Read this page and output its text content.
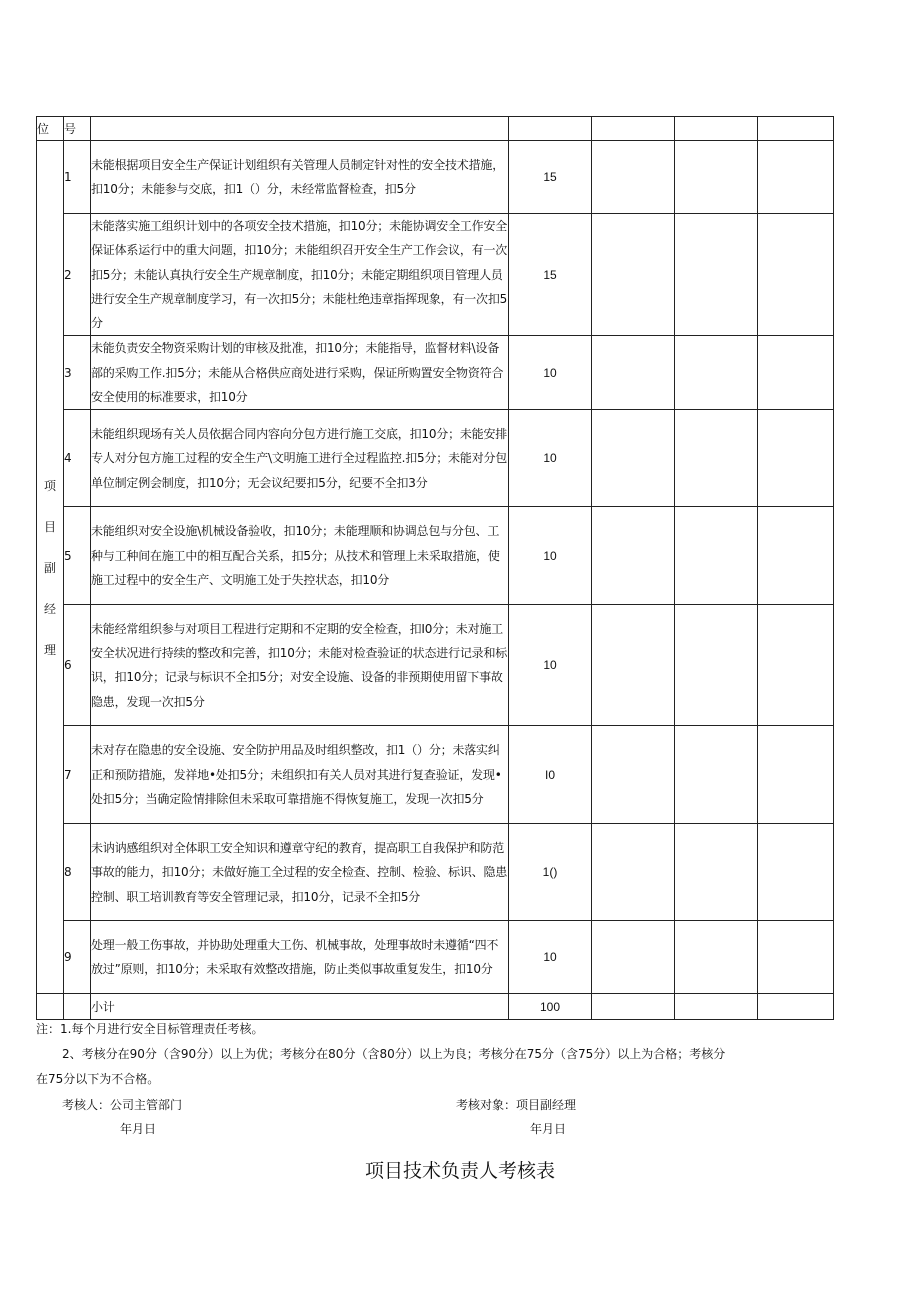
位	号					

项
目
副
经
理	1	未能根据项目安全生产保证计划组织有关管理人员制定针对性的安全技术措施，扣10分；未能参与交底，扣1（）分，未经常监督检查，扣5分	15			
	2	未能落实施工组织计划中的各项安全技术措施，扣10分；未能协调安全工作安全保证体系运行中的重大问题，扣10分；未能组织召开安全生产工作会议，有一次扣5分；未能认真执行安全生产规章制度，扣10分；未能定期组织项目管理人员进行安全生产规章制度学习，有一次扣5分；未能杜绝违章指挥现象，有一次扣5分	15			
	3	未能负责安全物资采购计划的审核及批准，扣10分；未能指导，监督材料\设备部的采购工作.扣5分；未能从合格供应商处进行采购，保证所购置安全物资符合安全使用的标准要求，扣10分	10			
	4	未能组织现场有关人员依据合同内容向分包方进行施工交底，扣10分；未能安排专人对分包方施工过程的安全生产\文明施工进行全过程监控.扣5分；未能对分包单位制定例会制度，扣10分；无会议纪要扣5分，纪要不全扣3分	10			
	5	未能组织对安全设施\机械设备验收，扣10分；未能理顺和协调总包与分包、工种与工种间在施工中的相互配合关系，扣5分；从技术和管理上未采取措施，使施工过程中的安全生产、文明施工处于失控状态，扣10分	10			
	6	未能经常组织参与对项目工程进行定期和不定期的安全检查，扣I0分；未对施工安全状况进行持续的整改和完善，扣10分；未能对检查验证的状态进行记录和标识，扣10分；记录与标识不全扣5分；对安全设施、设备的非预期使用留下事故隐患，发现一次扣5分	10			
	7	未对存在隐患的安全设施、安全防护用品及时组织整改，扣1（）分；未落实纠正和预防措施，发祥地•处扣5分；未组织扣有关人员对其进行复查验证，发现•处扣5分；当确定险情排除但未采取可靠措施不得恢复施工，发现一次扣5分	I0			
	8	未讷讷感组织对全体职工安全知识和遵章守纪的教育，提高职工自我保护和防范事故的能力，扣10分；未做好施工全过程的安全检查、控制、检验、标识、隐患控制、职工培训教育等安全管理记录，扣10分，记录不全扣5分	1()			
	9	处理一般工伤事故，并协助处理重大工伤、机械事故，处理事故时未遵循“四不放过”原则，扣10分；未采取有效整改措施，防止类似事故重复发生，扣10分	10			
		小计	100			
注：1.每个月进行安全目标管理责任考核。
2、考核分在90分（含90分）以上为优；考核分在80分（含80分）以上为良；考核分在75分（含75分）以上为合格；考核分
在75分以下为不合格。
考核人：公司主管部门	考核对象：项目副经理
年月日	年月日
项目技术负责人考核表
